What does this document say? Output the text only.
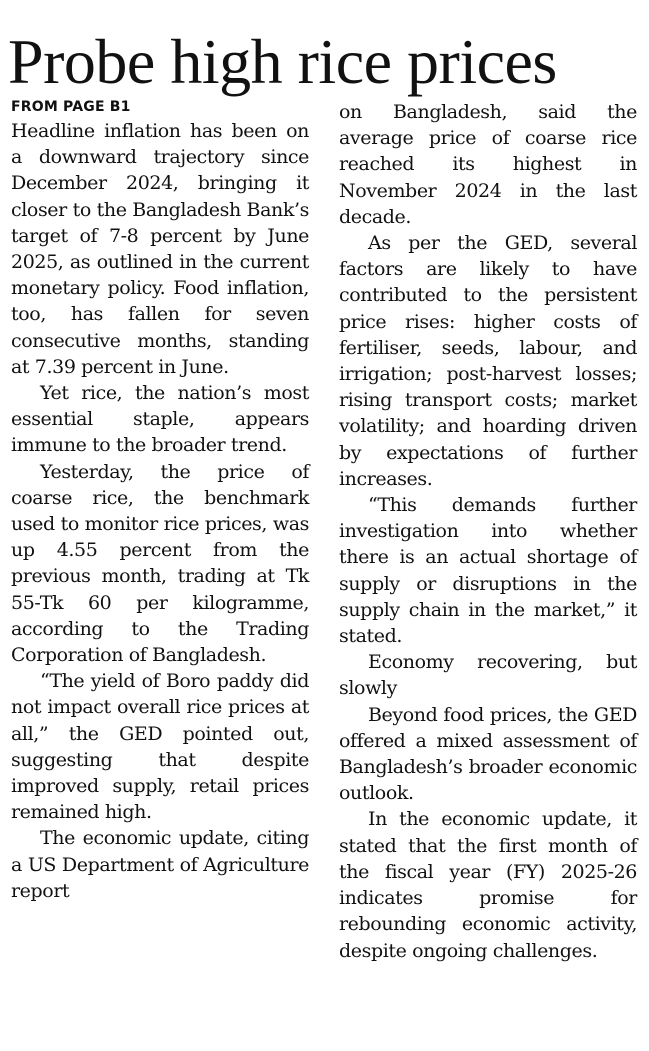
Probe high rice prices
FROM PAGE B1

Headline inflation has been on a downward trajectory since December 2024, bringing it closer to the Bangladesh Bank’s target of 7-8 percent by June 2025, as outlined in the current monetary policy. Food inflation, too, has fallen for seven consecutive months, standing at 7.39 percent in June.

Yet rice, the nation’s most essential staple, appears immune to the broader trend.

Yesterday, the price of coarse rice, the benchmark used to monitor rice prices, was up 4.55 percent from the previous month, trading at Tk 55-Tk 60 per kilogramme, according to the Trading Corporation of Bangladesh.

“The yield of Boro paddy did not impact overall rice prices at all,” the GED pointed out, suggesting that despite improved supply, retail prices remained high.

The economic update, citing a US Department of Agriculture report

on Bangladesh, said the average price of coarse rice reached its highest in November 2024 in the last decade.

As per the GED, several factors are likely to have contributed to the persistent price rises: higher costs of fertiliser, seeds, labour, and irrigation; post-harvest losses; rising transport costs; market volatility; and hoarding driven by expectations of further increases.

“This demands further investigation into whether there is an actual shortage of supply or disruptions in the supply chain in the market,” it stated.

Economy recovering, but slowly

Beyond food prices, the GED offered a mixed assessment of Bangladesh’s broader economic outlook.

In the economic update, it stated that the first month of the fiscal year (FY) 2025-26 indicates promise for rebounding economic activity, despite ongoing challenges.
